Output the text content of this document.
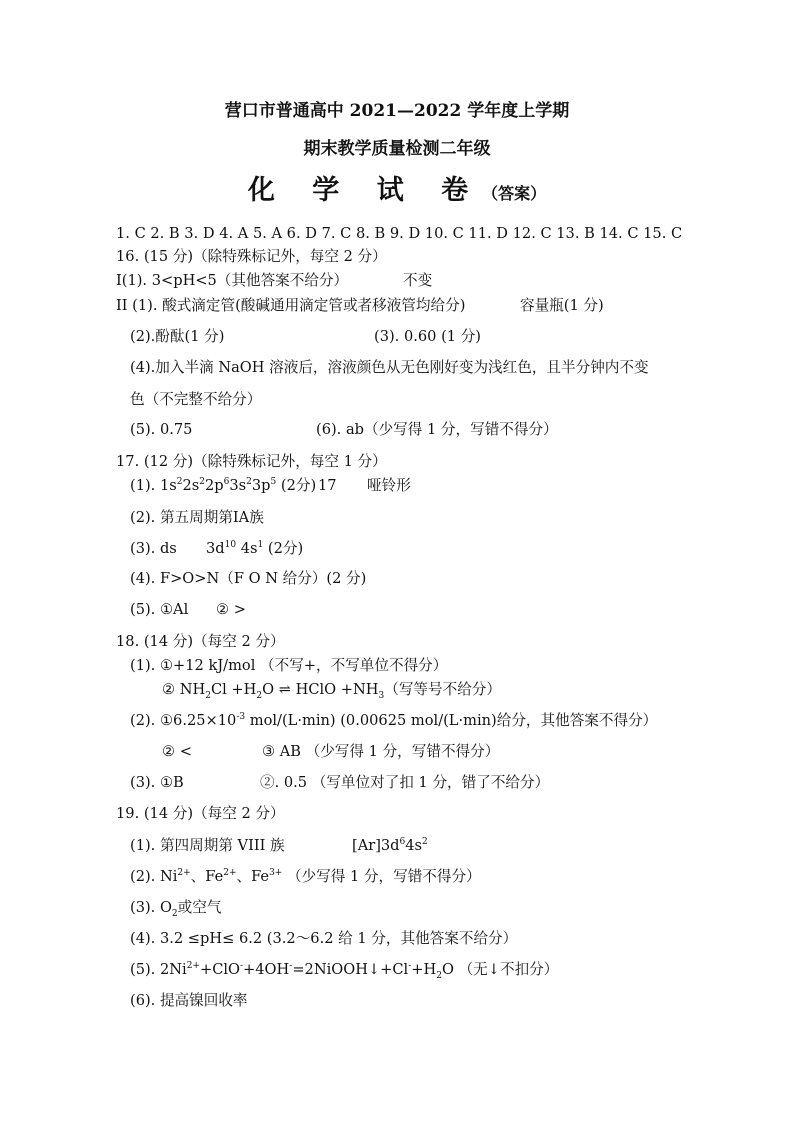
营口市普通高中 2021—2022 学年度上学期
期末教学质量检测二年级
化 学 试 卷（答案）
1. C 2. B 3. D 4. A 5. A 6. D 7. C 8. B 9. D 10. C 11. D 12. C 13. B 14. C 15. C
16. (15 分)（除特殊标记外，每空 2 分）
Ⅰ(1). 3<pH<5（其他答案不给分）	不变
II (1). 酸式滴定管(酸碱通用滴定管或者移液管均给分)	容量瓶(1 分)
(2).酚酞(1 分)	(3). 0.60 (1 分)
(4).加入半滴 NaOH 溶液后，溶液颜色从无色刚好变为浅红色，且半分钟内不变
色（不完整不给分）
(5). 0.75	(6). ab（少写得 1 分，写错不得分）
17. (12 分)（除特殊标记外，每空 1 分）
(1). $1s^22s^22p^63s^23p^5$ (2分) 17 哑铃形
(2). 第五周期第ⅠA族
(3). ds $3d^{10}$ $4s^1$ (2分)
(4). F>O>N（F O N 给分）(2 分)
(5). ①Al ② >
18. (14 分)（每空 2 分）
(1). ①+12 kJ/mol （不写+，不写单位不得分）
② $NH_2Cl +H_2O$ ⇌ HClO $+NH_3$（写等号不给分）
(2). $①6.25\times 10^{-3}$ mol/(L·min) (0.00625 mol/(L·min)给分，其他答案不得分）
② <	③ AB （少写得 1 分，写错不得分）
(3). ①B	②. 0.5 （写单位对了扣 1 分，错了不给分）
19. (14 分)（每空 2 分）
(1). 第四周期第 VIII 族	$[Ar]3d^64s^2$
(2). $Ni^{2+}$、$Fe^{2+}$、$Fe^{3+}$ （少写得 1 分，写错不得分）
(3). $O_2$或空气
(4). 3.2 ≤pH≤ 6.2 (3.2～6.2 给 1 分，其他答案不给分）
(5). $2Ni^{2+}+ClO^-+4OH^-=2NiOOH↓+Cl^-+H_2O$ （无↓不扣分）
(6). 提高镍回收率
